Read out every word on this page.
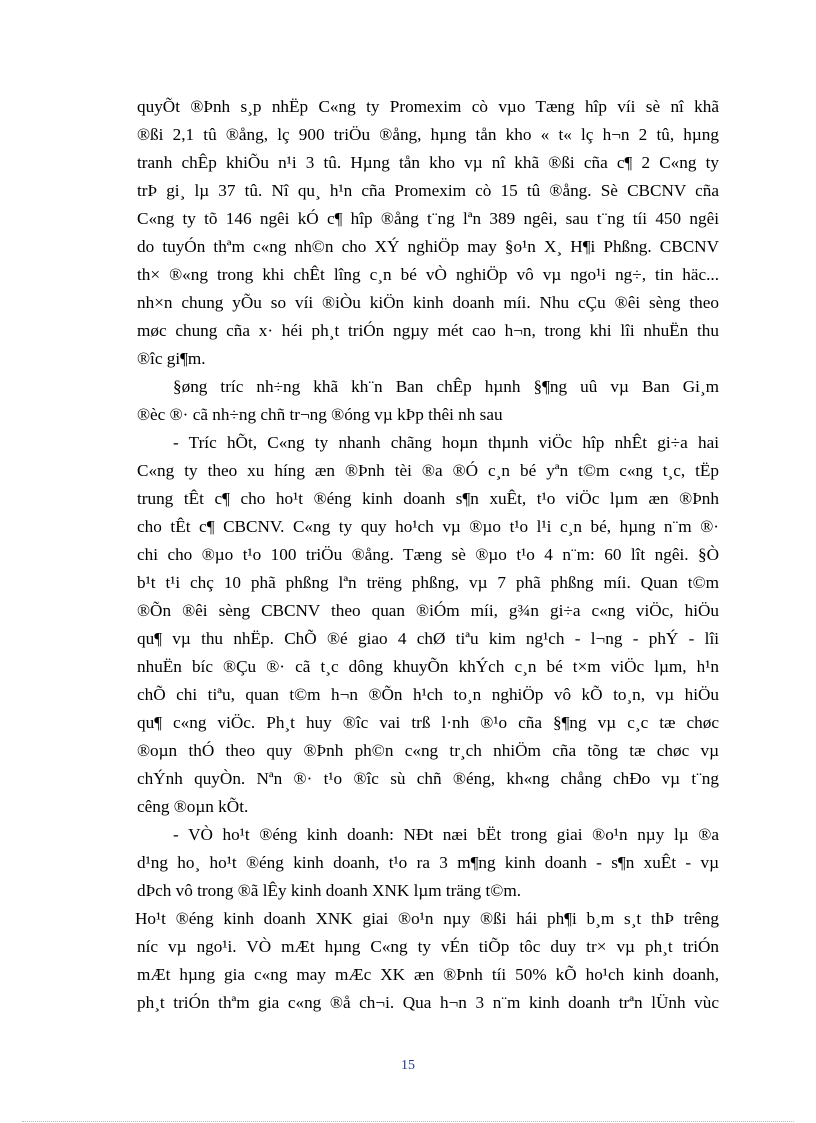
quyÕt ®Þnh s¸p nhËp C«ng ty Promexim cò vµo Tæng hîp víi sè nî khã
®ßi 2,1 tû ®ång, lç 900 triÖu ®ång, hµng tån kho « t« lç h¬n 2 tû, hµng
tranh chÊp khiÕu n¹i 3 tû. Hµng tån kho vµ nî khã ®ßi cña c¶ 2 C«ng ty
trÞ gi¸ lµ 37 tû. Nî qu¸ h¹n cña Promexim cò 15 tû ®ång. Sè CBCNV cña
C«ng ty tõ 146 ngêi kÓ c¶ hîp ®ång t¨ng lªn 389 ngêi, sau t¨ng tíi 450 ngêi
do tuyÓn thªm c«ng nh©n cho XÝ nghiÖp may §o¹n X¸ H¶i Phßng. CBCNV
th× ®«ng trong khi chÊt lîng c¸n bé vÒ nghiÖp vô vµ ngo¹i ng÷, tin häc...
nh×n chung yÕu so víi ®iÒu kiÖn kinh doanh míi. Nhu cÇu ®êi sèng theo
møc chung cña x· héi ph¸t triÓn ngµy mét cao h¬n, trong khi lîi nhuËn thu
®îc gi¶m.
§øng tríc nh÷ng khã kh¨n Ban chÊp hµnh §¶ng uû vµ Ban Gi¸m
®èc ®· cã nh÷ng chñ tr¬ng ®óng vµ kÞp thêi nh sau
- Tríc hÕt, C«ng ty nhanh chãng hoµn thµnh viÖc hîp nhÊt gi÷a hai
C«ng ty theo xu híng æn ®Þnh tèi ®a ®Ó c¸n bé yªn t©m c«ng t¸c, tËp
trung tÊt c¶ cho ho¹t ®éng kinh doanh s¶n xuÊt, t¹o viÖc lµm æn ®Þnh
cho tÊt c¶ CBCNV. C«ng ty quy ho¹ch vµ ®µo t¹o l¹i c¸n bé, hµng n¨m ®·
chi cho ®µo t¹o 100 triÖu ®ång. Tæng sè ®µo t¹o 4 n¨m: 60 lît ngêi. §Ò
b¹t t¹i chç 10 phã phßng lªn trëng phßng, vµ 7 phã phßng míi. Quan t©m
®Õn ®êi sèng CBCNV theo quan ®iÓm míi, g¾n gi÷a c«ng viÖc, hiÖu
qu¶ vµ thu nhËp. ChÕ ®é giao 4 chØ tiªu kim ng¹ch - l¬ng - phÝ - lîi
nhuËn bíc ®Çu ®· cã t¸c dông khuyÕn khÝch c¸n bé t×m viÖc lµm, h¹n
chÕ chi tiªu, quan t©m h¬n ®Õn h¹ch to¸n nghiÖp vô kÕ to¸n, vµ hiÖu
qu¶ c«ng viÖc. Ph¸t huy ®îc vai trß l·nh ®¹o cña §¶ng vµ c¸c tæ chøc
®oµn thÓ theo quy ®Þnh ph©n c«ng tr¸ch nhiÖm cña tõng tæ chøc vµ
chÝnh quyÒn. Nªn ®· t¹o ®îc sù chñ ®éng, kh«ng chång chÐo vµ t¨ng
cêng ®oµn kÕt.
- VÒ ho¹t ®éng kinh doanh: NÐt næi bËt trong giai ®o¹n nµy lµ ®a
d¹ng ho¸ ho¹t ®éng kinh doanh, t¹o ra 3 m¶ng kinh doanh - s¶n xuÊt - vµ
dÞch vô trong ®ã lÊy kinh doanh XNK lµm träng t©m.
Ho¹t ®éng kinh doanh XNK giai ®o¹n nµy ®ßi hái ph¶i b¸m s¸t thÞ trêng
níc vµ ngo¹i. VÒ mÆt hµng C«ng ty vÉn tiÕp tôc duy tr× vµ ph¸t triÓn
mÆt hµng gia c«ng may mÆc XK æn ®Þnh tíi 50% kÕ ho¹ch kinh doanh,
ph¸t triÓn thªm gia c«ng ®å ch¬i. Qua h¬n 3 n¨m kinh doanh trªn lÜnh vùc
15
